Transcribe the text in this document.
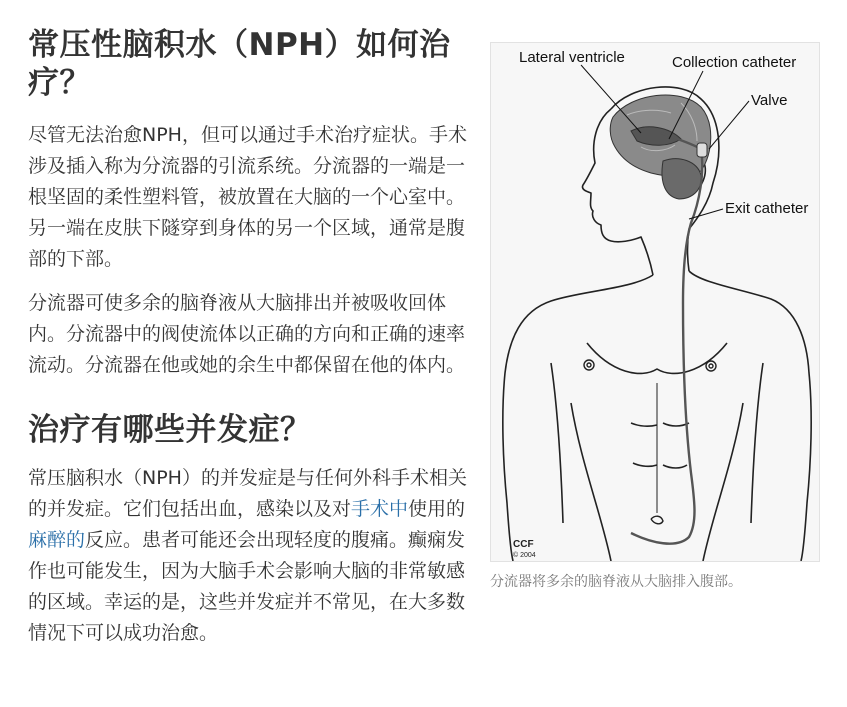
Lateral ventricle	Collection catheter
Valve
Exit catheter
CCF
© 2004
分流器将多余的脑脊液从大脑排入腹部。
常压性脑积水（NPH）如何治疗？

尽管无法治愈NPH，但可以通过手术治疗症状。手术涉及插入称为分流器的引流系统。分流器的一端是一根坚固的柔性塑料管，被放置在大脑的一个心室中。另一端在皮肤下隧穿到身体的另一个区域，通常是腹部的下部。

分流器可使多余的脑脊液从大脑排出并被吸收回体内。分流器中的阀使流体以正确的方向和正确的速率流动。分流器在他或她的余生中都保留在他的体内。

治疗有哪些并发症？

常压脑积水（NPH）的并发症是与任何外科手术相关的并发症。它们包括出血，感染以及对手术中使用的麻醉的反应。患者可能还会出现轻度的腹痛。癫痫发作也可能发生，因为大脑手术会影响大脑的非常敏感的区域。幸运的是，这些并发症并不常见，在大多数情况下可以成功治愈。
